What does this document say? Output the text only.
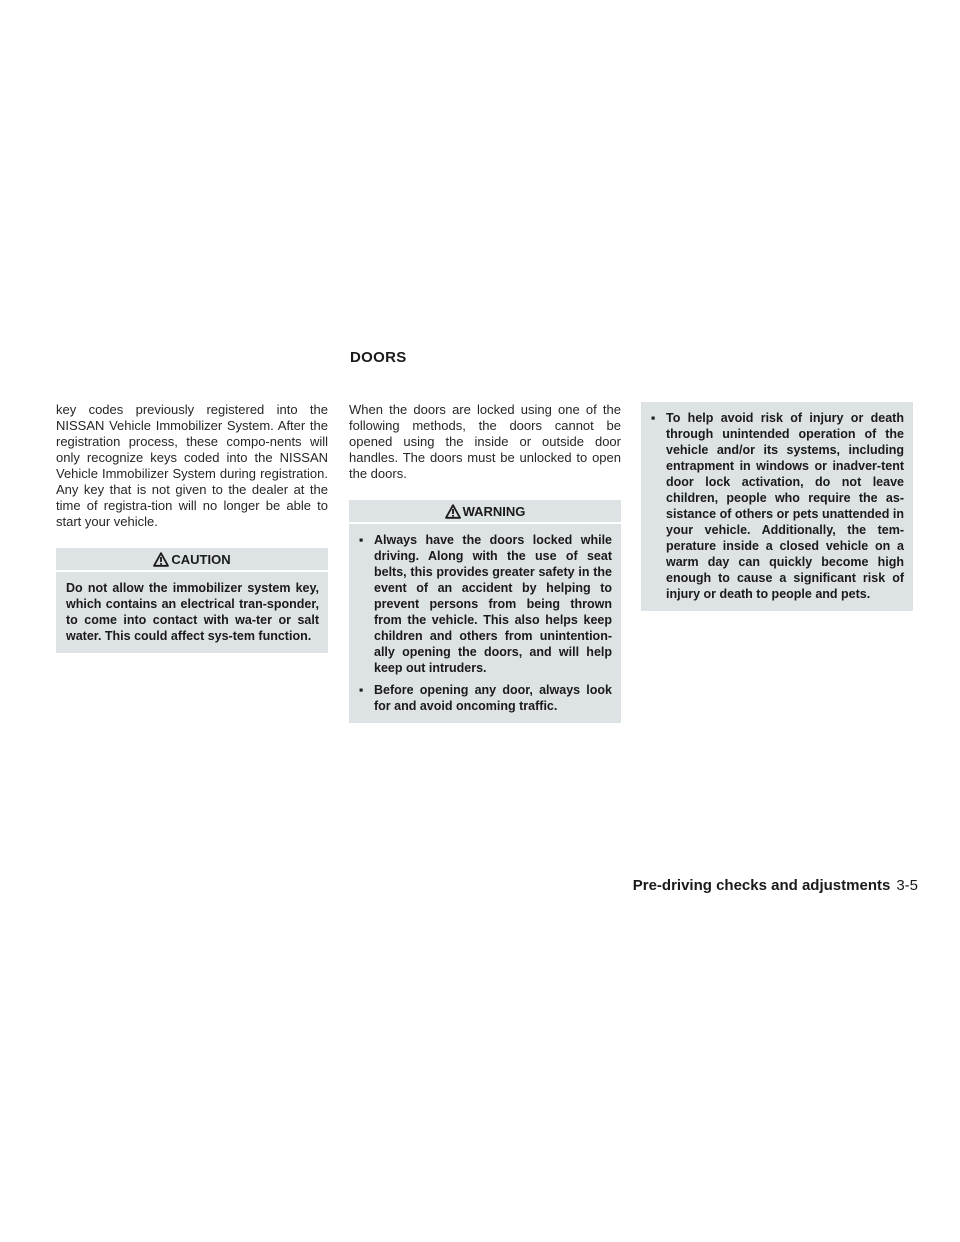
DOORS

key codes previously registered into the NISSAN Vehicle Immobilizer System. After the registration process, these compo-nents will only recognize keys coded into the NISSAN Vehicle Immobilizer System during registration. Any key that is not given to the dealer at the time of registra-tion will no longer be able to start your vehicle.

CAUTION

Do not allow the immobilizer system key, which contains an electrical tran-sponder, to come into contact with wa-ter or salt water. This could affect sys-tem function.

When the doors are locked using one of the following methods, the doors cannot be opened using the inside or outside door handles. The doors must be unlocked to open the doors.

WARNING
▪ Always have the doors locked while driving. Along with the use of seat belts, this provides greater safety in the event of an accident by helping to prevent persons from being thrown from the vehicle. This also helps keep children and others from unintention-ally opening the doors, and will help keep out intruders.
▪ Before opening any door, always look for and avoid oncoming traffic.
▪ To help avoid risk of injury or death through unintended operation of the vehicle and/or its systems, including entrapment in windows or inadver-tent door lock activation, do not leave children, people who require the as-sistance of others or pets unattended in your vehicle. Additionally, the tem-perature inside a closed vehicle on a warm day can quickly become high enough to cause a significant risk of injury or death to people and pets.
Pre-driving checks and adjustments 3-5
